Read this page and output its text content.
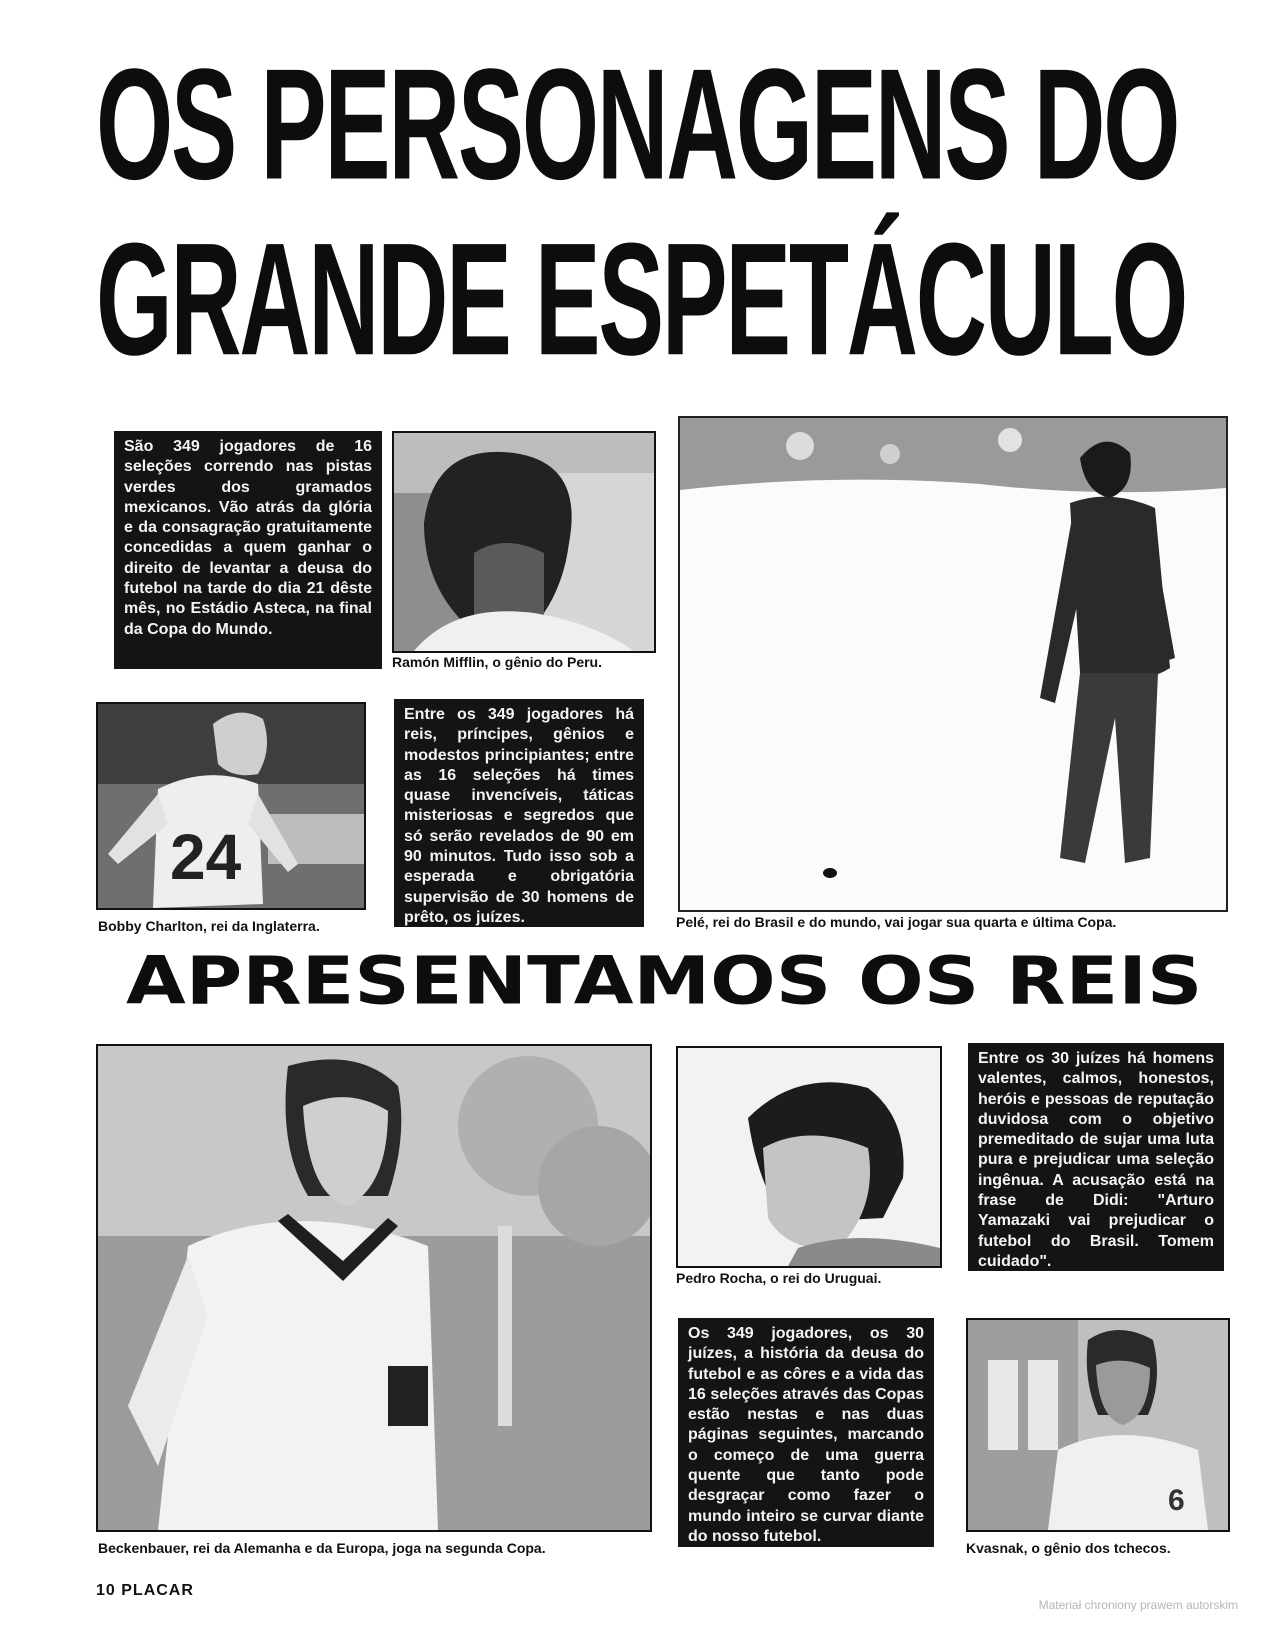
OS PERSONAGENS DO
GRANDE ESPETÁCULO
São 349 jogadores de 16 seleções correndo nas pistas verdes dos gramados mexicanos. Vão atrás da glória e da consagração gratuitamente concedidas a quem ganhar o direito de levantar a deusa do futebol na tarde do dia 21 dêste mês, no Estádio Asteca, na final da Copa do Mundo.
Ramón Mifflin, o gênio do Peru.
Pelé, rei do Brasil e do mundo, vai jogar sua quarta e última Copa.
24
Bobby Charlton, rei da Inglaterra.
Entre os 349 jogadores há reis, príncipes, gênios e modestos principiantes; entre as 16 seleções há times quase invencíveis, táticas misteriosas e segredos que só serão revelados de 90 em 90 minutos. Tudo isso sob a esperada e obrigatória supervisão de 30 homens de prêto, os juízes.
APRESENTAMOS OS REIS
Beckenbauer, rei da Alemanha e da Europa, joga na segunda Copa.
Pedro Rocha, o rei do Uruguai.
Entre os 30 juízes há homens valentes, calmos, honestos, heróis e pessoas de reputação duvidosa com o objetivo premeditado de sujar uma luta pura e prejudicar uma seleção ingênua. A acusação está na frase de Didi: "Arturo Yamazaki vai prejudicar o futebol do Brasil. Tomem cuidado".
Os 349 jogadores, os 30 juízes, a história da deusa do futebol e as côres e a vida das 16 seleções através das Copas estão nestas e nas duas páginas seguintes, marcando o começo de uma guerra quente que tanto pode desgraçar como fazer o mundo inteiro se curvar diante do nosso futebol.
6
Kvasnak, o gênio dos tchecos.
10 PLACAR
Materiał chroniony prawem autorskim
